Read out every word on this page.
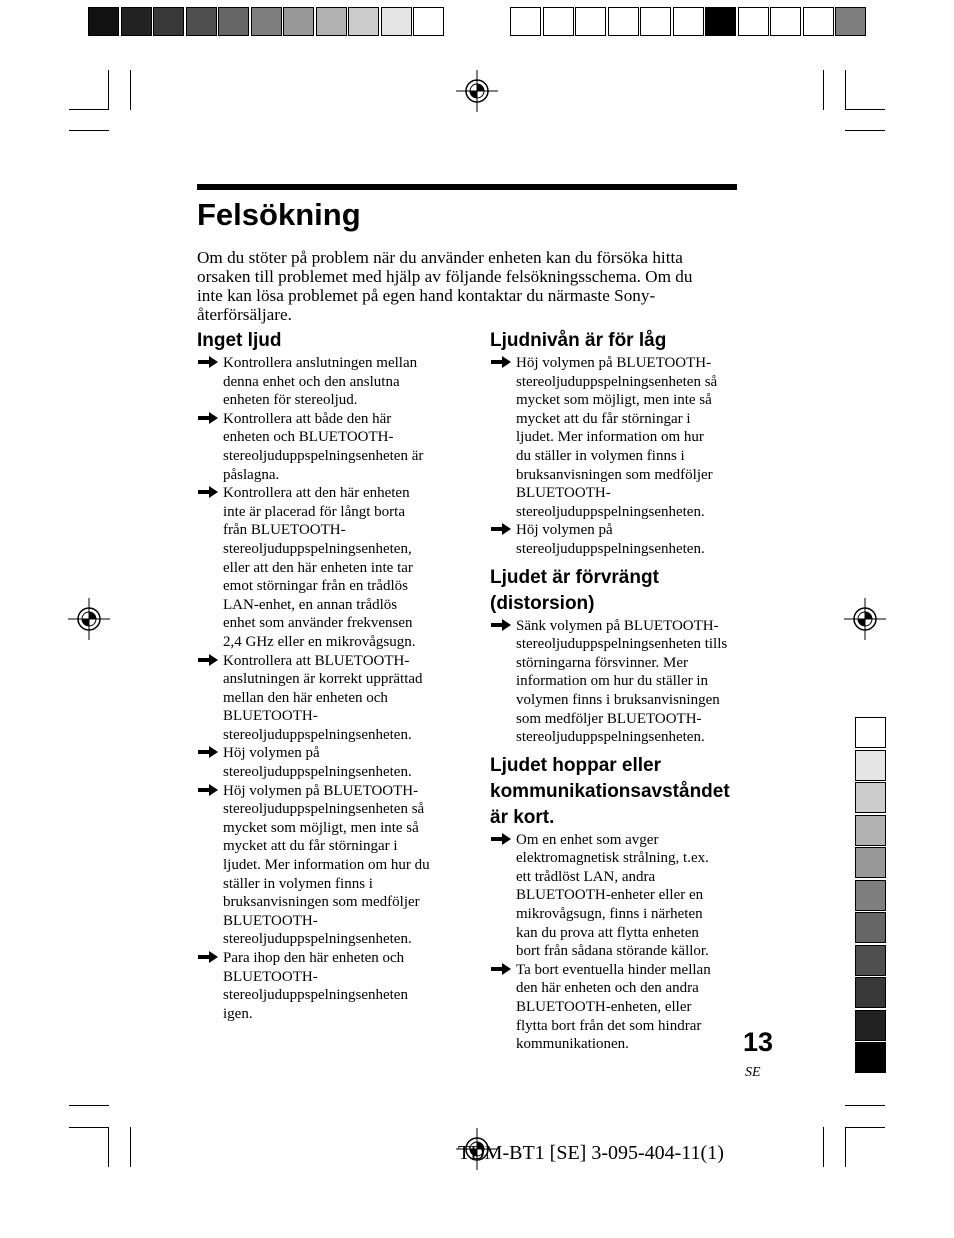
Felsökning
Om du stöter på problem när du använder enheten kan du försöka hitta
orsaken till problemet med hjälp av följande felsökningsschema. Om du
inte kan lösa problemet på egen hand kontaktar du närmaste Sony-
återförsäljare.
Inget ljud
Kontrollera anslutningen mellan
denna enhet och den anslutna
enheten för stereoljud.
Kontrollera att både den här
enheten och BLUETOOTH-
stereoljuduppspelningsenheten är
påslagna.
Kontrollera att den här enheten
inte är placerad för långt borta
från BLUETOOTH-
stereoljuduppspelningsenheten,
eller att den här enheten inte tar
emot störningar från en trådlös
LAN-enhet, en annan trådlös
enhet som använder frekvensen
2,4 GHz eller en mikrovågsugn.
Kontrollera att BLUETOOTH-
anslutningen är korrekt upprättad
mellan den här enheten och
BLUETOOTH-
stereoljuduppspelningsenheten.
Höj volymen på
stereoljuduppspelningsenheten.
Höj volymen på BLUETOOTH-
stereoljuduppspelningsenheten så
mycket som möjligt, men inte så
mycket att du får störningar i
ljudet. Mer information om hur du
ställer in volymen finns i
bruksanvisningen som medföljer
BLUETOOTH-
stereoljuduppspelningsenheten.
Para ihop den här enheten och
BLUETOOTH-
stereoljuduppspelningsenheten
igen.
Ljudnivån är för låg
Höj volymen på BLUETOOTH-
stereoljuduppspelningsenheten så
mycket som möjligt, men inte så
mycket att du får störningar i
ljudet. Mer information om hur
du ställer in volymen finns i
bruksanvisningen som medföljer
BLUETOOTH-
stereoljuduppspelningsenheten.
Höj volymen på
stereoljuduppspelningsenheten.
Ljudet är förvrängt
(distorsion)
Sänk volymen på BLUETOOTH-
stereoljuduppspelningsenheten tills
störningarna försvinner. Mer
information om hur du ställer in
volymen finns i bruksanvisningen
som medföljer BLUETOOTH-
stereoljuduppspelningsenheten.
Ljudet hoppar eller
kommunikationsavståndet
är kort.
Om en enhet som avger
elektromagnetisk strålning, t.ex.
ett trådlöst LAN, andra
BLUETOOTH-enheter eller en
mikrovågsugn, finns i närheten
kan du prova att flytta enheten
bort från sådana störande källor.
Ta bort eventuella hinder mellan
den här enheten och den andra
BLUETOOTH-enheten, eller
flytta bort från det som hindrar
kommunikationen.	13
SE
TDM-BT1 [SE] 3-095-404-11(1)
